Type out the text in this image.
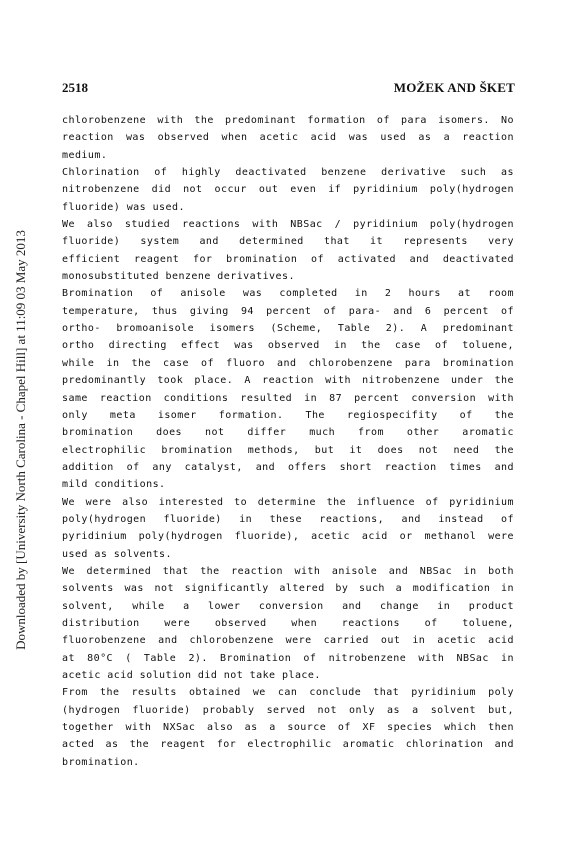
2518	MOŽEK AND ŠKET
Downloaded by [University North Carolina - Chapel Hill] at 11:09 03 May 2013
chlorobenzene with the predominant formation of para isomers. No
reaction was observed when acetic acid was used as a reaction
medium.
Chlorination of highly deactivated benzene derivative such as
nitrobenzene did not occur out even if pyridinium poly(hydrogen
fluoride) was used.
We also studied reactions with NBSac / pyridinium poly(hydrogen
fluoride) system and determined that it represents very
efficient reagent for bromination of activated and deactivated
monosubstituted benzene derivatives.
Bromination of anisole was completed in 2 hours at room
temperature, thus giving 94 percent of para- and 6 percent of
ortho- bromoanisole isomers (Scheme, Table 2). A predominant
ortho directing effect was observed in the case of toluene,
while in the case of fluoro and chlorobenzene para bromination
predominantly took place. A reaction with nitrobenzene under the
same reaction conditions resulted in 87 percent conversion with
only meta isomer formation. The regiospecifity of the
bromination does not differ much from other aromatic
electrophilic bromination methods, but it does not need the
addition of any catalyst, and offers short reaction times and
mild conditions.
We were also interested to determine the influence of pyridinium
poly(hydrogen fluoride) in these reactions, and instead of
pyridinium poly(hydrogen fluoride), acetic acid or methanol were
used as solvents.
We determined that the reaction with anisole and NBSac in both
solvents was not significantly altered by such a modification in
solvent, while a lower conversion and change in product
distribution were observed when reactions of toluene,
fluorobenzene and chlorobenzene were carried out in acetic acid
at 80°C ( Table 2). Bromination of nitrobenzene with NBSac in
acetic acid solution did not take place.
From the results obtained we can conclude that pyridinium poly
(hydrogen fluoride) probably served not only as a solvent but,
together with NXSac also as a source of XF species which then
acted as the reagent for electrophilic aromatic chlorination and
bromination.
